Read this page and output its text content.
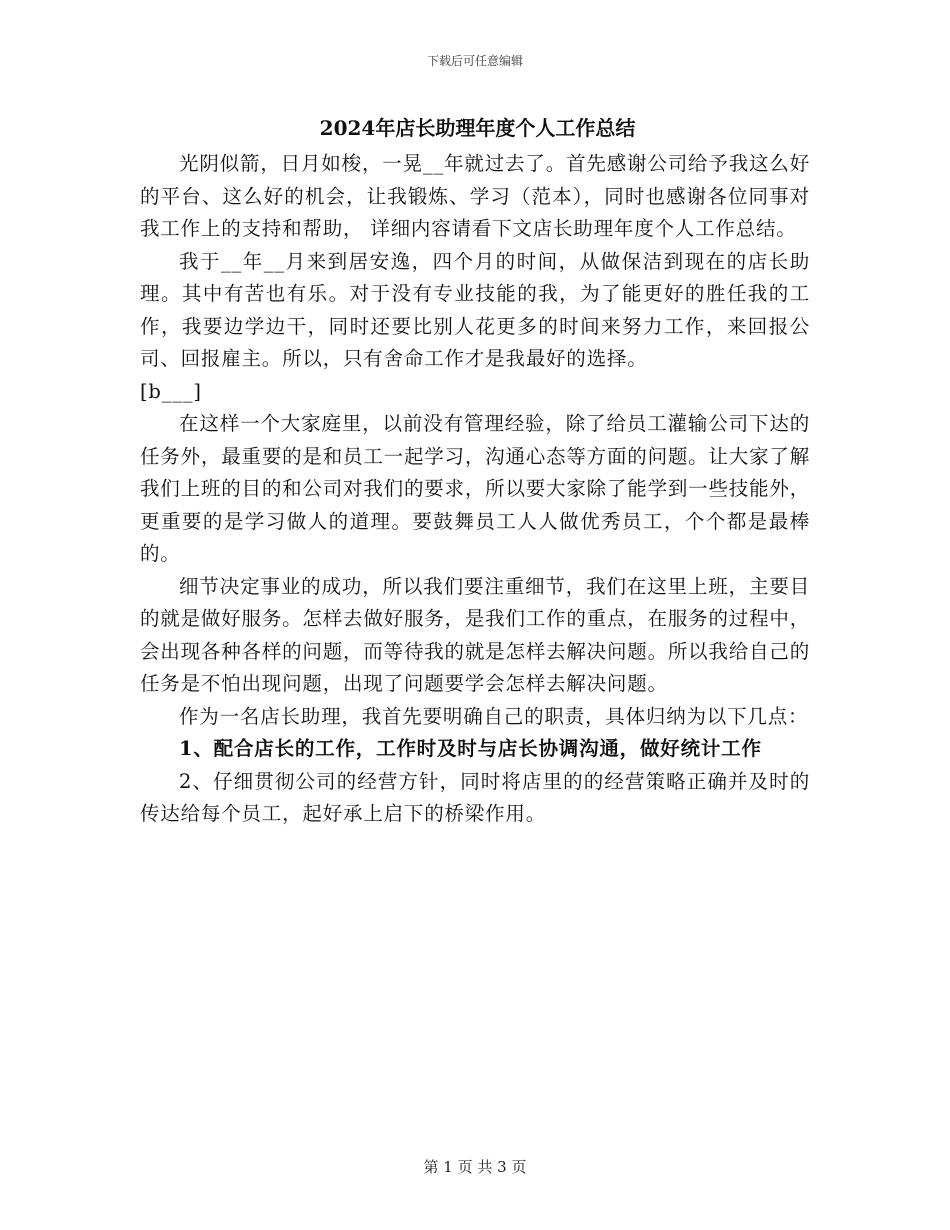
下载后可任意编辑
2024年店长助理年度个人工作总结

光阴似箭，日月如梭，一晃__年就过去了。首先感谢公司给予我这么好的平台、这么好的机会，让我锻炼、学习（范本），同时也感谢各位同事对我工作上的支持和帮助， 详细内容请看下文店长助理年度个人工作总结。

我于__年__月来到居安逸，四个月的时间，从做保洁到现在的店长助理。其中有苦也有乐。对于没有专业技能的我，为了能更好的胜任我的工作，我要边学边干，同时还要比别人花更多的时间来努力工作，来回报公司、回报雇主。所以，只有舍命工作才是我最好的选择。

[b___]

在这样一个大家庭里，以前没有管理经验，除了给员工灌输公司下达的任务外，最重要的是和员工一起学习，沟通心态等方面的问题。让大家了解我们上班的目的和公司对我们的要求，所以要大家除了能学到一些技能外，更重要的是学习做人的道理。要鼓舞员工人人做优秀员工，个个都是最棒的。

细节决定事业的成功，所以我们要注重细节，我们在这里上班，主要目的就是做好服务。怎样去做好服务，是我们工作的重点，在服务的过程中，会出现各种各样的问题，而等待我的就是怎样去解决问题。所以我给自己的任务是不怕出现问题，出现了问题要学会怎样去解决问题。

作为一名店长助理，我首先要明确自己的职责，具体归纳为以下几点：

1、配合店长的工作，工作时及时与店长协调沟通，做好统计工作

2、仔细贯彻公司的经营方针，同时将店里的的经营策略正确并及时的传达给每个员工，起好承上启下的桥梁作用。

第 1 页 共 3 页
